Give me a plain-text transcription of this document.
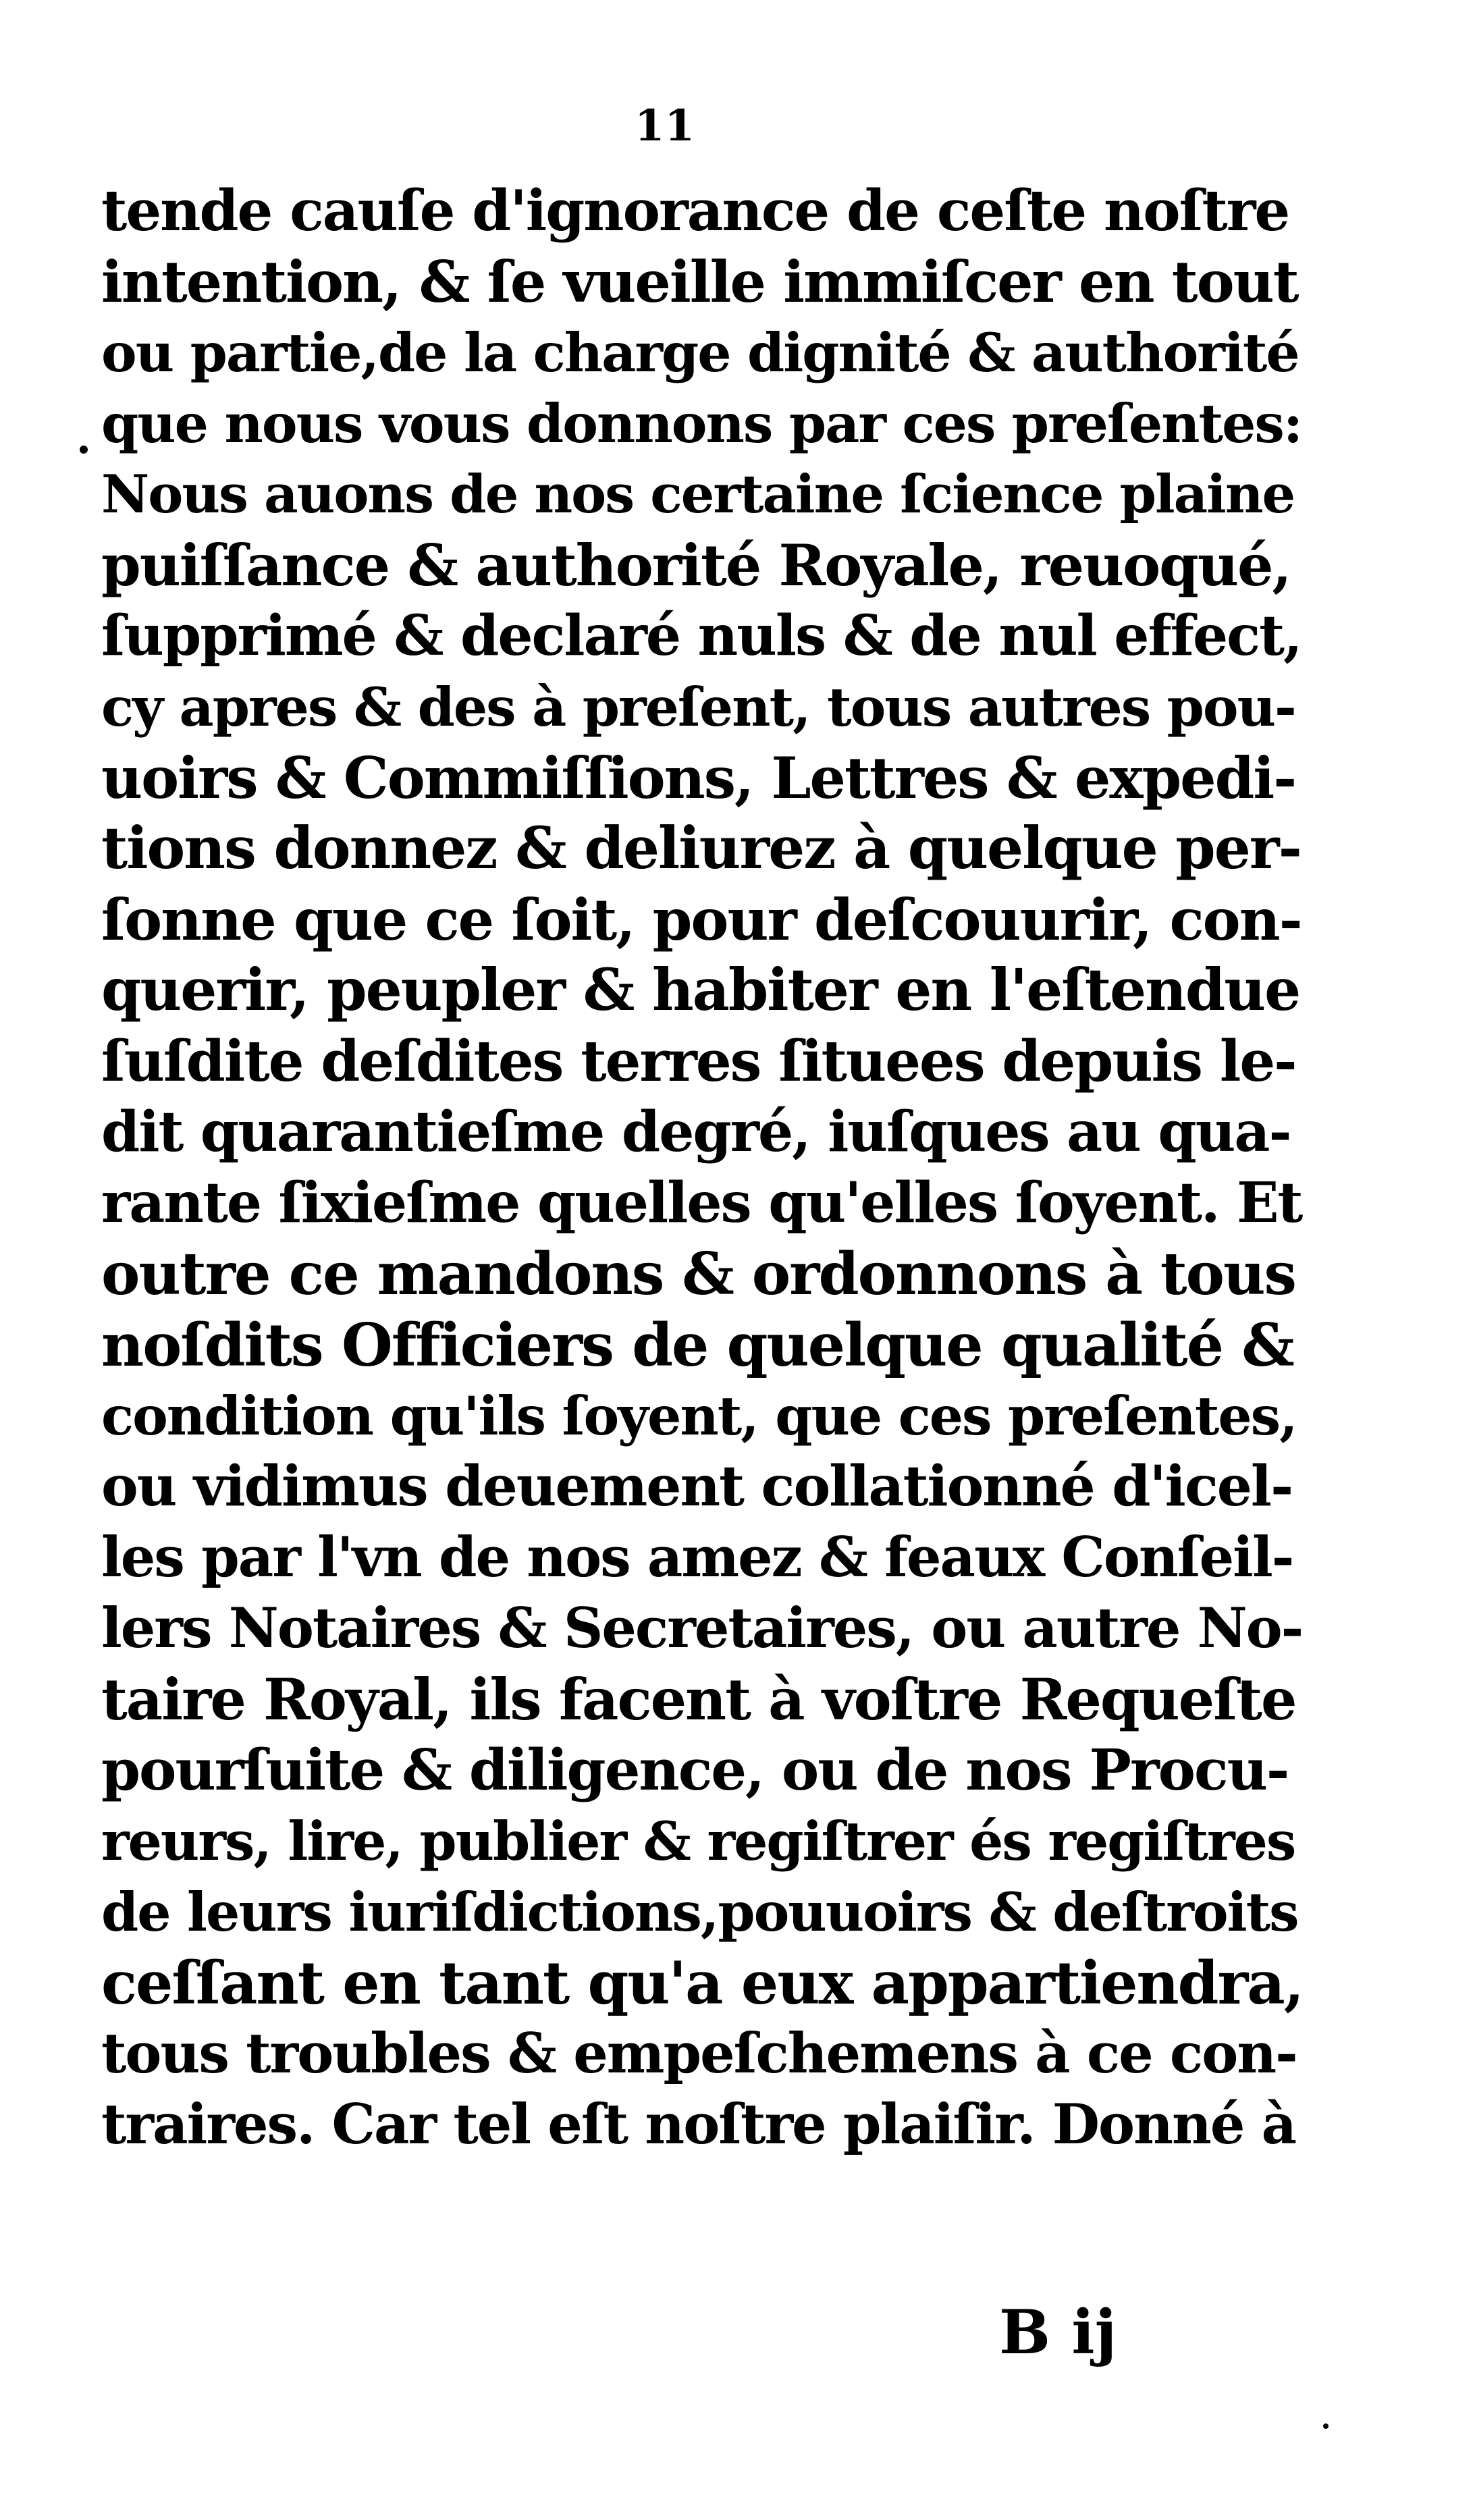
11
tende cauſe d'ignorance de ceſte noſtre
intention, & ſe vueille immiſcer en tout
ou partie,de la charge dignité & authorité
que nous vous donnons par ces preſentes:
Nous auons de nos certaine ſcience plaine
puiſſance & authorité Royale, reuoqué,
ſupprimé & declaré nuls & de nul effect,
cy apres & des à preſent, tous autres pou-
uoirs & Commiſſions, Lettres & expedi-
tions donnez & deliurez à quelque per-
ſonne que ce ſoit, pour deſcouurir, con-
querir, peupler & habiter en l'eſtendue
ſuſdite deſdites terres ſituees depuis le-
dit quarantieſme degré, iuſques au qua-
rante ſixieſme quelles qu'elles ſoyent. Et
outre ce mandons & ordonnons à tous
noſdits Officiers de quelque qualité &
condition qu'ils ſoyent, que ces preſentes,
ou vidimus deuement collationné d'icel-
les par l'vn de nos amez & feaux Conſeil-
lers Notaires & Secretaires, ou autre No-
taire Royal, ils facent à voſtre Requeſte
pourſuite & diligence, ou de nos Procu-
reurs, lire, publier & regiſtrer és regiſtres
de leurs iuriſdictions,pouuoirs & deſtroits
ceſſant en tant qu'a eux appartiendra,
tous troubles & empeſchemens à ce con-
traires. Car tel eſt noſtre plaiſir. Donné à
B ij
